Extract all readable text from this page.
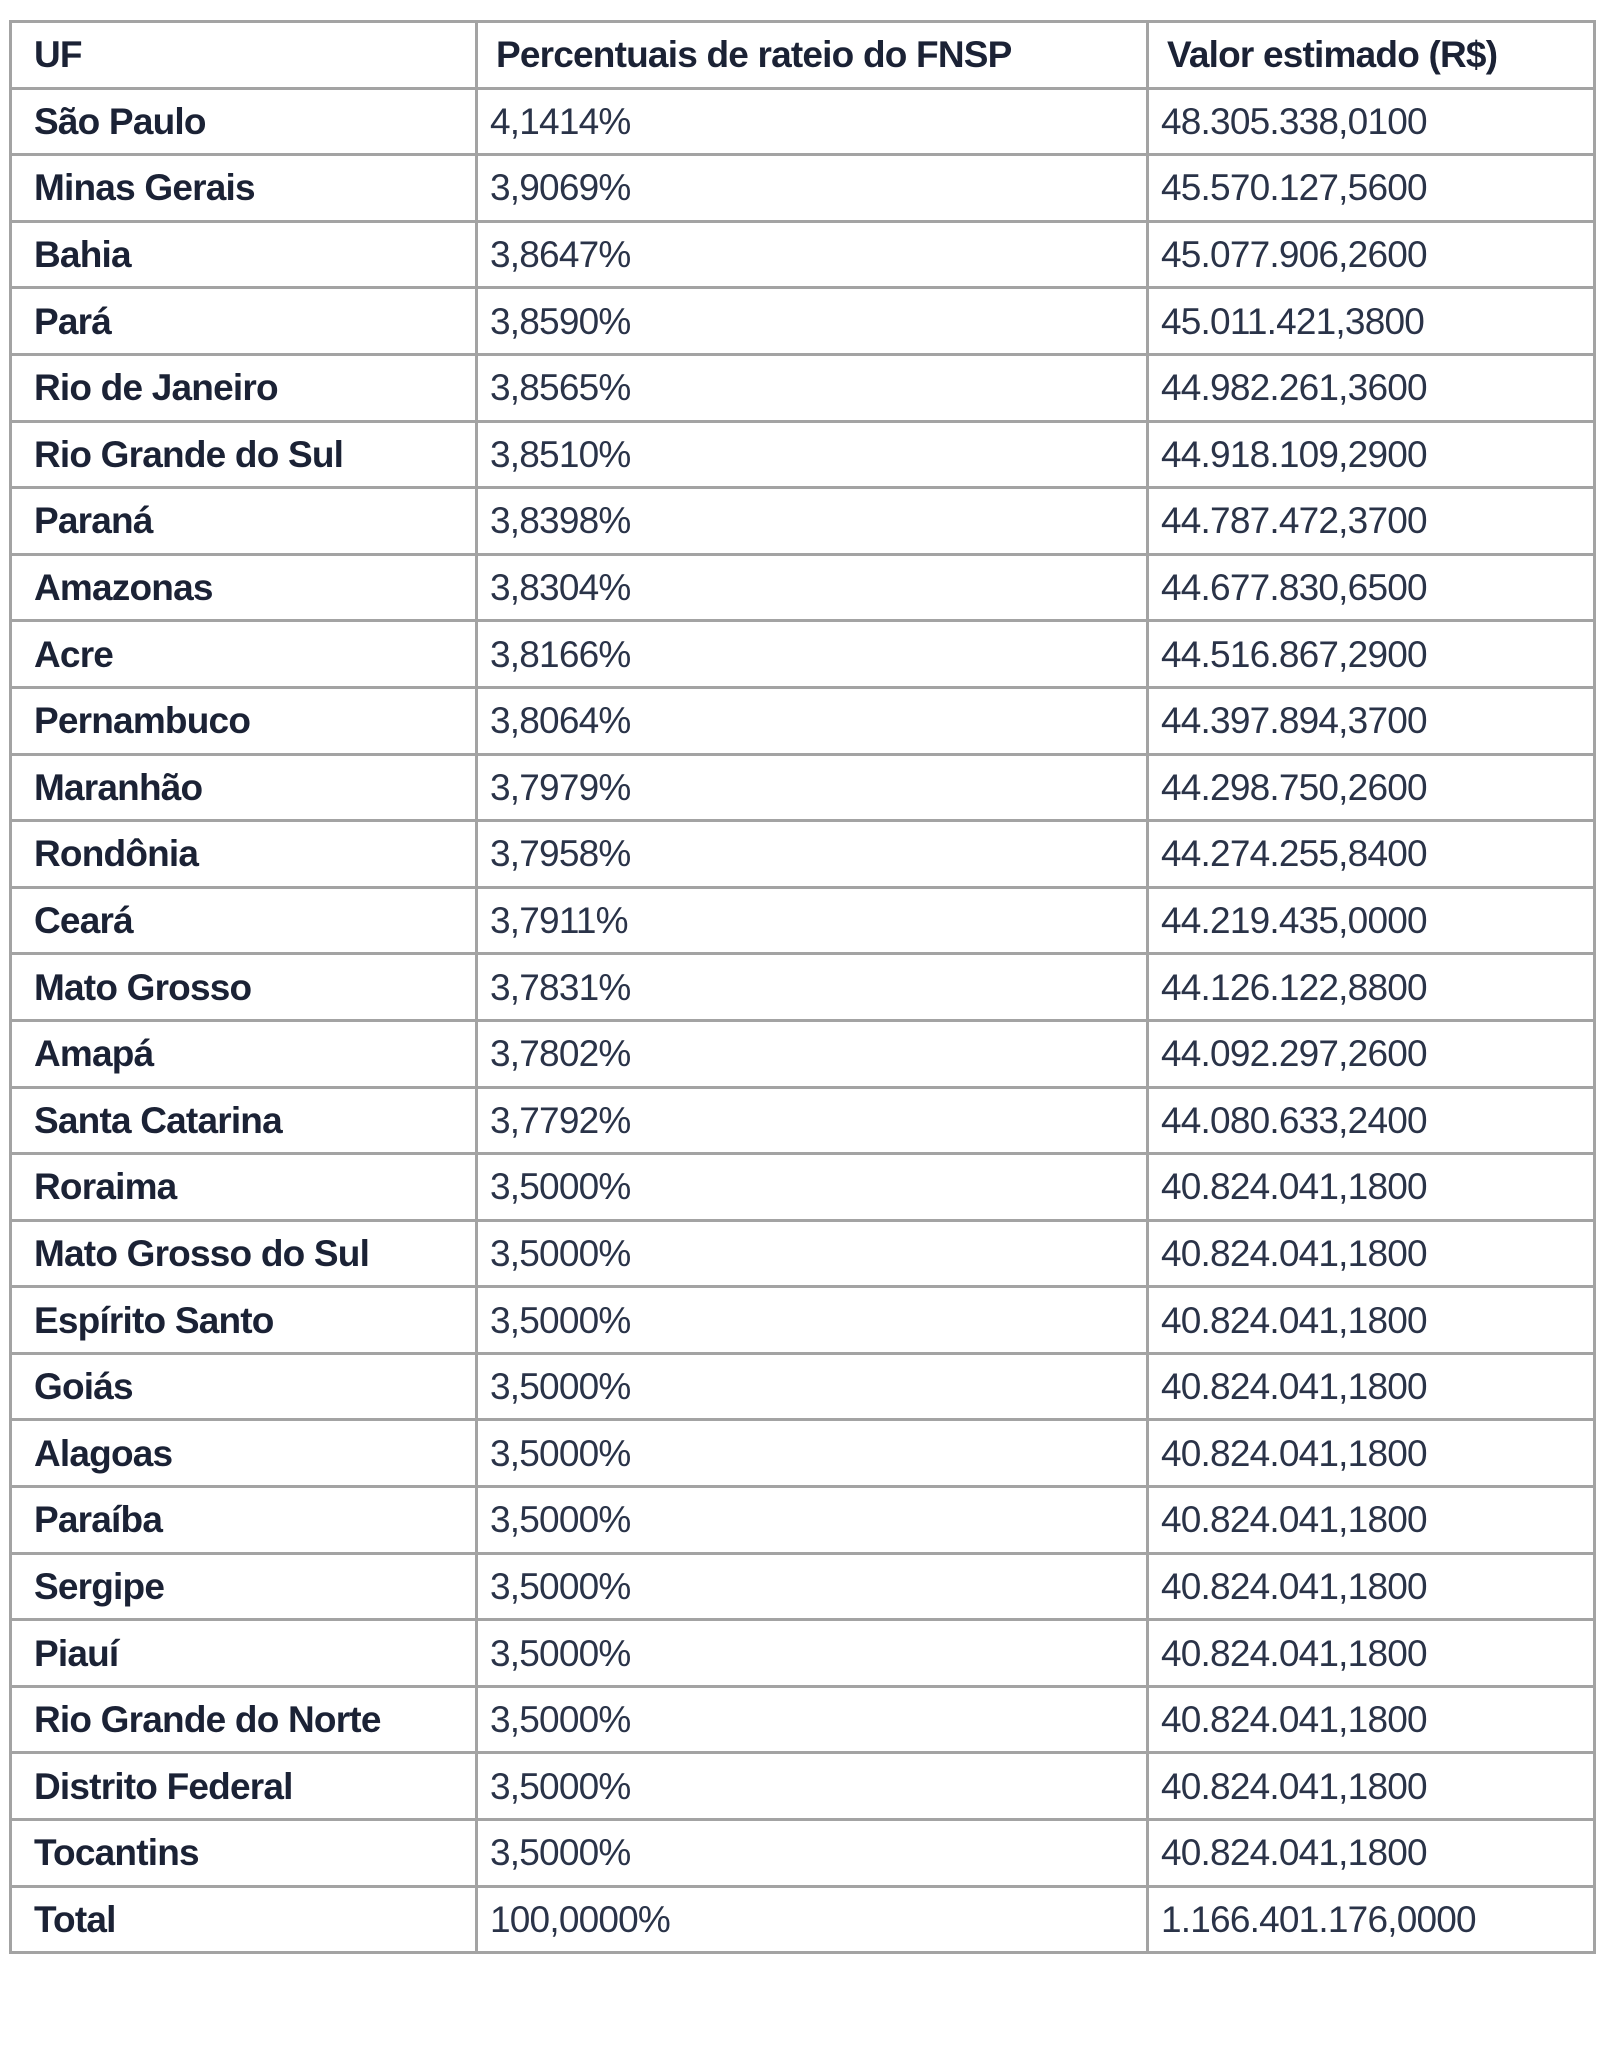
UF	Percentuais de rateio do FNSP	Valor estimado (R$)
São Paulo	4,1414%	48.305.338,0100
Minas Gerais	3,9069%	45.570.127,5600
Bahia	3,8647%	45.077.906,2600
Pará	3,8590%	45.011.421,3800
Rio de Janeiro	3,8565%	44.982.261,3600
Rio Grande do Sul	3,8510%	44.918.109,2900
Paraná	3,8398%	44.787.472,3700
Amazonas	3,8304%	44.677.830,6500
Acre	3,8166%	44.516.867,2900
Pernambuco	3,8064%	44.397.894,3700
Maranhão	3,7979%	44.298.750,2600
Rondônia	3,7958%	44.274.255,8400
Ceará	3,7911%	44.219.435,0000
Mato Grosso	3,7831%	44.126.122,8800
Amapá	3,7802%	44.092.297,2600
Santa Catarina	3,7792%	44.080.633,2400
Roraima	3,5000%	40.824.041,1800
Mato Grosso do Sul	3,5000%	40.824.041,1800
Espírito Santo	3,5000%	40.824.041,1800
Goiás	3,5000%	40.824.041,1800
Alagoas	3,5000%	40.824.041,1800
Paraíba	3,5000%	40.824.041,1800
Sergipe	3,5000%	40.824.041,1800
Piauí	3,5000%	40.824.041,1800
Rio Grande do Norte	3,5000%	40.824.041,1800
Distrito Federal	3,5000%	40.824.041,1800
Tocantins	3,5000%	40.824.041,1800
Total	100,0000%	1.166.401.176,0000
